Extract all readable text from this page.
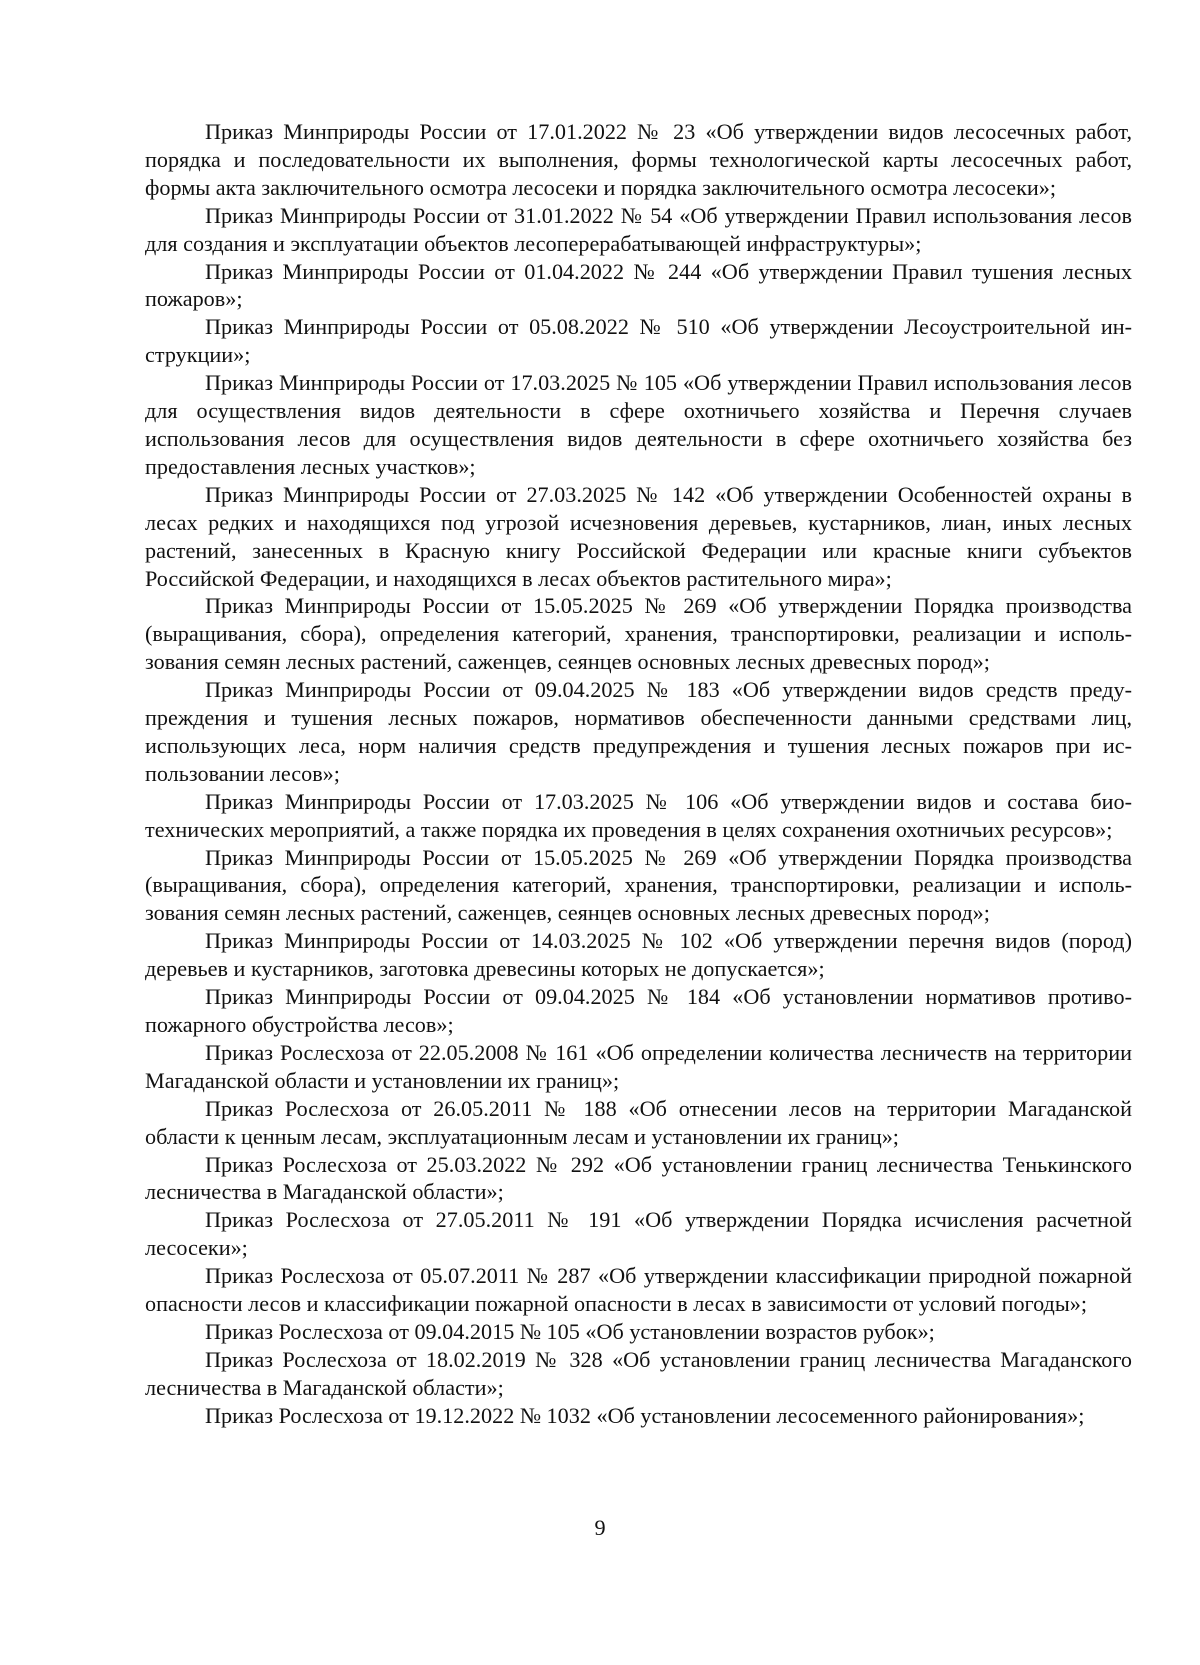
Приказ Минприроды России от 17.01.2022 № 23 «Об утверждении видов лесосечных работ, порядка и последовательности их выполнения, формы технологической карты лесосечных работ, формы акта заключительного осмотра лесосеки и порядка заключительного осмотра лесосеки»;

Приказ Минприроды России от 31.01.2022 № 54 «Об утверждении Правил использования лесов для создания и эксплуатации объектов лесоперерабатывающей инфраструктуры»;

Приказ Минприроды России от 01.04.2022 № 244 «Об утверждении Правил тушения лесных пожаров»;

Приказ Минприроды России от 05.08.2022 № 510 «Об утверждении Лесоустроительной инструкции»;

Приказ Минприроды России от 17.03.2025 № 105 «Об утверждении Правил использования лесов для осуществления видов деятельности в сфере охотничьего хозяйства и Перечня случаев использования лесов для осуществления видов деятельности в сфере охотничьего хозяйства без предоставления лесных участков»;

Приказ Минприроды России от 27.03.2025 № 142 «Об утверждении Особенностей охраны в лесах редких и находящихся под угрозой исчезновения деревьев, кустарников, лиан, иных лесных растений, занесенных в Красную книгу Российской Федерации или красные книги субъектов Российской Федерации, и находящихся в лесах объектов растительного мира»;

Приказ Минприроды России от 15.05.2025 № 269 «Об утверждении Порядка производства (выращивания, сбора), определения категорий, хранения, транспортировки, реализации и использования семян лесных растений, саженцев, сеянцев основных лесных древесных пород»;

Приказ Минприроды России от 09.04.2025 № 183 «Об утверждении видов средств предупреждения и тушения лесных пожаров, нормативов обеспеченности данными средствами лиц, использующих леса, норм наличия средств предупреждения и тушения лесных пожаров при использовании лесов»;

Приказ Минприроды России от 17.03.2025 № 106 «Об утверждении видов и состава биотехнических мероприятий, а также порядка их проведения в целях сохранения охотничьих ресурсов»;

Приказ Минприроды России от 15.05.2025 № 269 «Об утверждении Порядка производства (выращивания, сбора), определения категорий, хранения, транспортировки, реализации и использования семян лесных растений, саженцев, сеянцев основных лесных древесных пород»;

Приказ Минприроды России от 14.03.2025 № 102 «Об утверждении перечня видов (пород) деревьев и кустарников, заготовка древесины которых не допускается»;

Приказ Минприроды России от 09.04.2025 № 184 «Об установлении нормативов противопожарного обустройства лесов»;

Приказ Рослесхоза от 22.05.2008 № 161 «Об определении количества лесничеств на территории Магаданской области и установлении их границ»;

Приказ Рослесхоза от 26.05.2011 № 188 «Об отнесении лесов на территории Магаданской области к ценным лесам, эксплуатационным лесам и установлении их границ»;

Приказ Рослесхоза от 25.03.2022 № 292 «Об установлении границ лесничества Тенькинского лесничества в Магаданской области»;

Приказ Рослесхоза от 27.05.2011 № 191 «Об утверждении Порядка исчисления расчетной лесосеки»;

Приказ Рослесхоза от 05.07.2011 № 287 «Об утверждении классификации природной пожарной опасности лесов и классификации пожарной опасности в лесах в зависимости от условий погоды»;

Приказ Рослесхоза от 09.04.2015 № 105 «Об установлении возрастов рубок»;

Приказ Рослесхоза от 18.02.2019 № 328 «Об установлении границ лесничества Магаданского лесничества в Магаданской области»;

Приказ Рослесхоза от 19.12.2022 № 1032 «Об установлении лесосеменного районирования»;

9
